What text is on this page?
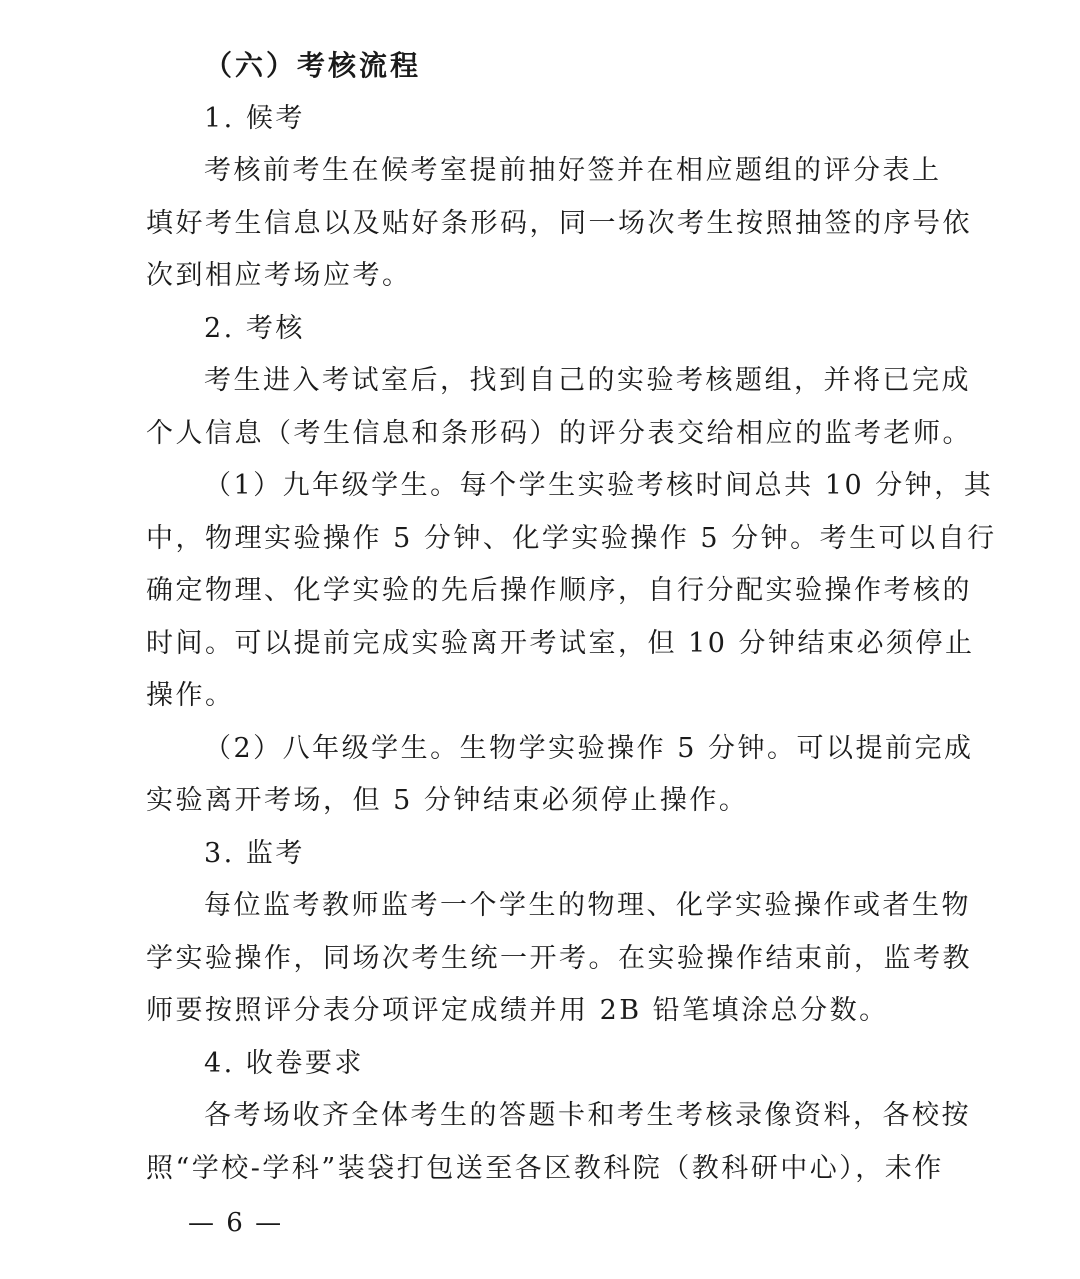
（六）考核流程
1. 候考
考核前考生在候考室提前抽好签并在相应题组的评分表上
填好考生信息以及贴好条形码，同一场次考生按照抽签的序号依
次到相应考场应考。
2. 考核
考生进入考试室后，找到自己的实验考核题组，并将已完成
个人信息（考生信息和条形码）的评分表交给相应的监考老师。
（1）九年级学生。每个学生实验考核时间总共 10 分钟，其
中，物理实验操作 5 分钟、化学实验操作 5 分钟。考生可以自行
确定物理、化学实验的先后操作顺序，自行分配实验操作考核的
时间。可以提前完成实验离开考试室，但 10 分钟结束必须停止
操作。
（2）八年级学生。生物学实验操作 5 分钟。可以提前完成
实验离开考场，但 5 分钟结束必须停止操作。
3. 监考
每位监考教师监考一个学生的物理、化学实验操作或者生物
学实验操作，同场次考生统一开考。在实验操作结束前，监考教
师要按照评分表分项评定成绩并用 2B 铅笔填涂总分数。
4. 收卷要求
各考场收齐全体考生的答题卡和考生考核录像资料，各校按
照“学校-学科”装袋打包送至各区教科院（教科研中心），未作
— 6 —
